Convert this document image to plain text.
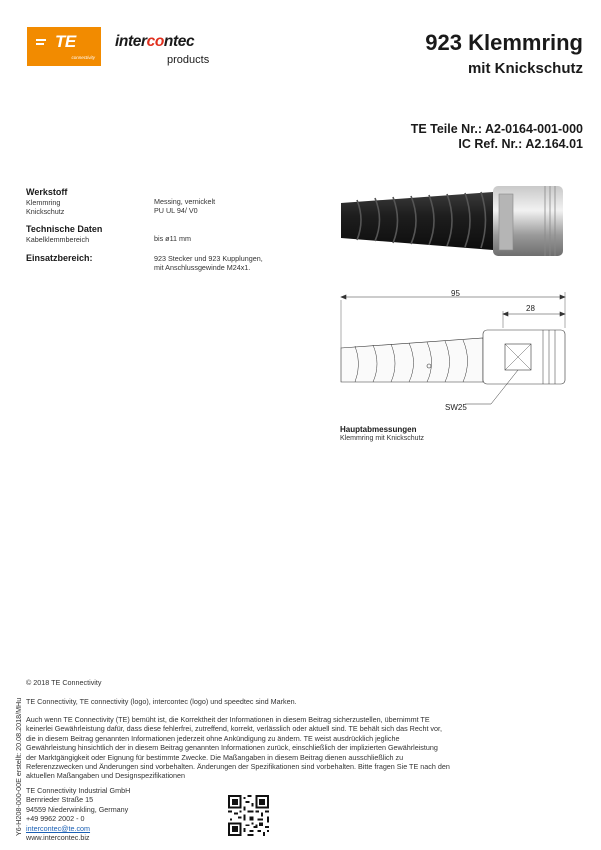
TE
connectivity
intercontec
products
923 Klemmring
mit Knickschutz
TE Teile Nr.: A2-0164-001-000
IC Ref. Nr.: A2.164.01
Werkstoff
Klemmring	Messing, vernickelt
Knickschutz	PU UL 94/ V0
Technische Daten
Kabelklemmbereich	bis ø11 mm
Einsatzbereich:	923 Stecker und 923 Kupplungen,
mit Anschlussgewinde M24x1.
95
28
SW25
Hauptabmessungen
Klemmring mit Knickschutz
Y6-H208-000-00E erstellt: 20.08.2018/MHu
© 2018 TE Connectivity
TE Connectivity, TE connectivity (logo), intercontec (logo) und speedtec sind Marken.
Auch wenn TE Connectivity (TE) bemüht ist, die Korrektheit der Informationen in diesem Beitrag sicherzustellen, übernimmt TE
keinerlei Gewährleistung dafür, dass diese fehlerfrei, zutreffend, korrekt, verlässlich oder aktuell sind. TE behält sich das Recht vor,
die in diesem Beitrag genannten Informationen jederzeit ohne Ankündigung zu ändern. TE weist ausdrücklich jegliche
Gewährleistung hinsichtlich der in diesem Beitrag genannten Informationen zurück, einschließlich der implizierten Gewährleistung
der Marktgängigkeit oder Eignung für bestimmte Zwecke. Die Maßangaben in diesem Beitrag dienen ausschließlich zu
Referenzzwecken und Änderungen sind vorbehalten. Änderungen der Spezifikationen sind vorbehalten. Bitte fragen Sie TE nach den
aktuellen Maßangaben und Designspezifikationen
TE Connectivity Industrial GmbH
Bernrieder Straße 15
94559 Niederwinkling, Germany
+49 9962 2002 - 0
intercontec@te.com
www.intercontec.biz
